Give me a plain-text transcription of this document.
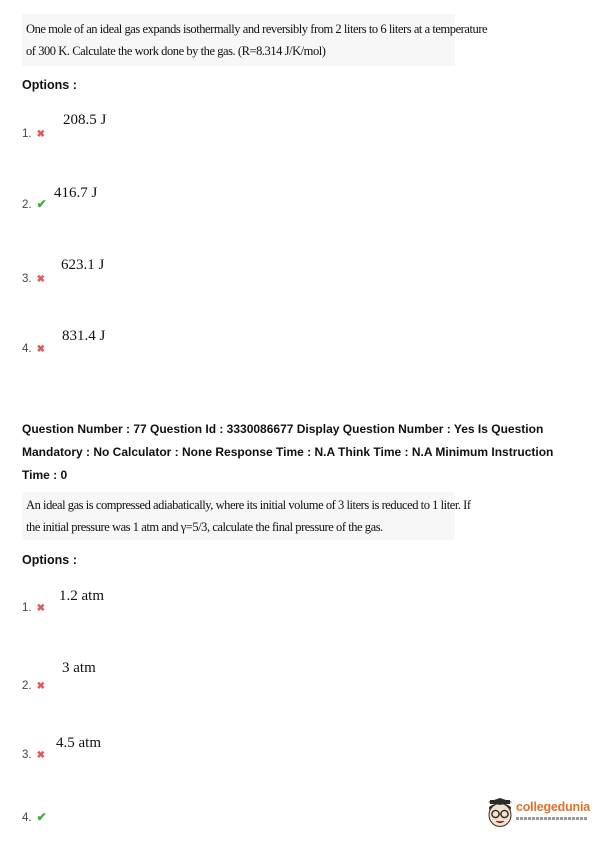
One mole of an ideal gas expands isothermally and reversibly from 2 liters to 6 liters at a temperature
of 300 K. Calculate the work done by the gas. (R=8.314 J/K/mol)
Options :
208.5 J
1. ✖
416.7 J
2. ✔
623.1 J
3. ✖
831.4 J
4. ✖
Question Number : 77 Question Id : 3330086677 Display Question Number : Yes Is Question
Mandatory : No Calculator : None Response Time : N.A Think Time : N.A Minimum Instruction
Time : 0
An ideal gas is compressed adiabatically, where its initial volume of 3 liters is reduced to 1 liter. If
the initial pressure was 1 atm and γ=5/3, calculate the final pressure of the gas.
Options :
1.2 atm
1. ✖
3 atm
2. ✖
4.5 atm
3. ✖
4. ✔
collegedunia
